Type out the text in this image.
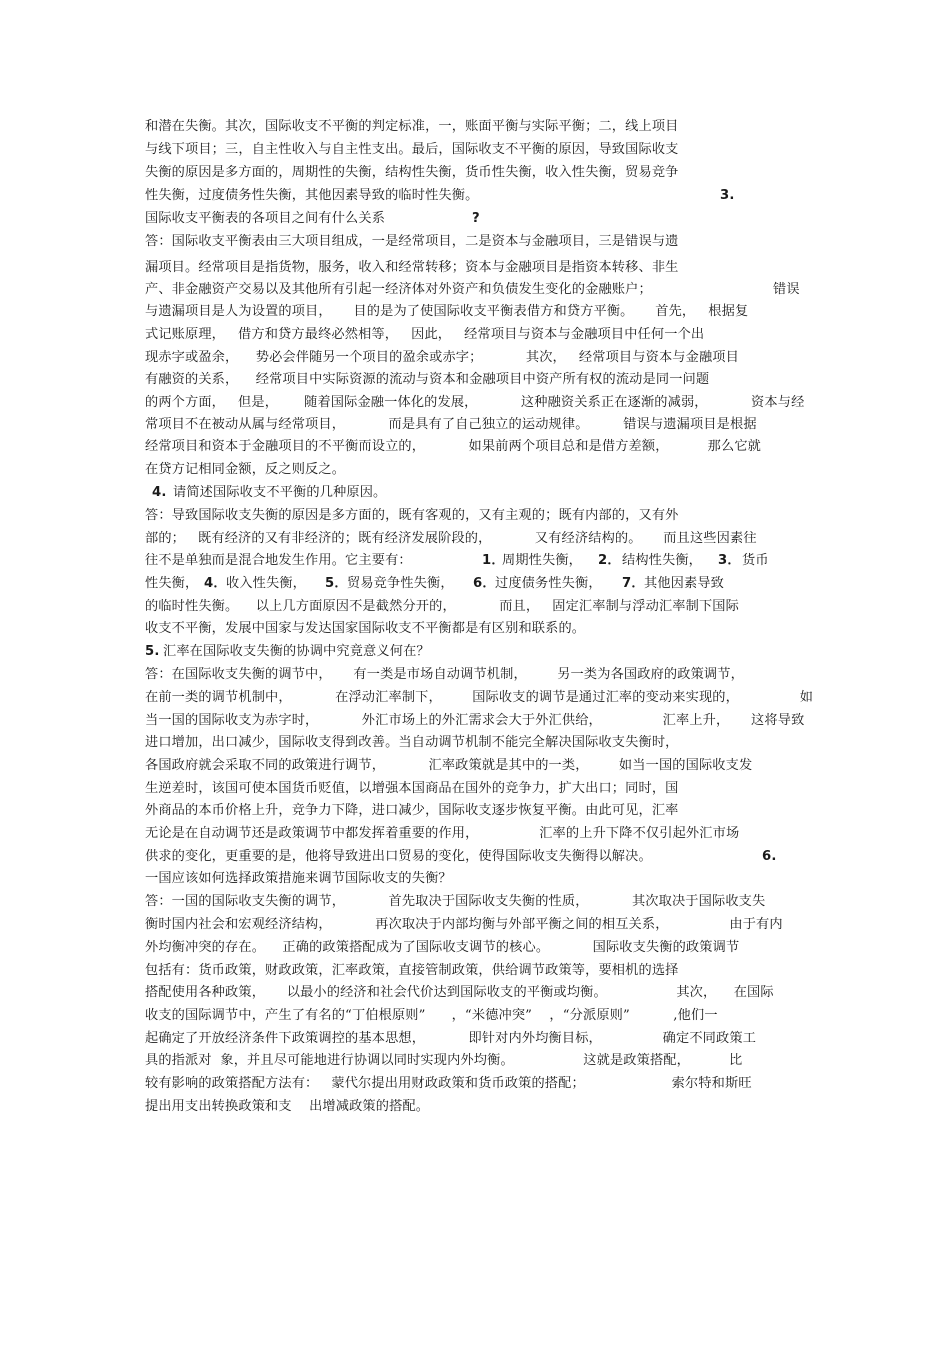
和潜在失衡。其次，国际收支不平衡的判定标准，一，账面平衡与实际平衡；二，线上项目
与线下项目；三，自主性收入与自主性支出。最后，国际收支不平衡的原因，导致国际收支
失衡的原因是多方面的，周期性的失衡，结构性失衡，货币性失衡，收入性失衡，贸易竞争
性失衡，过度债务性失衡，其他因素导致的临时性失衡。	3.
国际收支平衡表的各项目之间有什么关系	?
答：国际收支平衡表由三大项目组成，一是经常项目，二是资本与金融项目，三是错误与遗
漏项目。经常项目是指货物，服务，收入和经常转移；资本与金融项目是指资本转移、非生
产、非金融资产交易以及其他所有引起一经济体对外资产和负债发生变化的金融账户；	错误
与遗漏项目是人为设置的项目，     目的是为了使国际收支平衡表借方和贷方平衡。     首先，   根据复
式记账原理，   借方和贷方最终必然相等，   因此，   经常项目与资本与金融项目中任何一个出
现赤字或盈余，    势必会伴随另一个项目的盈余或赤字；          其次，   经常项目与资本与金融项目
有融资的关系，    经常项目中实际资源的流动与资本和金融项目中资产所有权的流动是同一问题
的两个方面，   但是，      随着国际金融一体化的发展，          这种融资关系正在逐渐的减弱，          资本与经
常项目不在被动从属与经常项目，          而是具有了自己独立的运动规律。        错误与遗漏项目是根据
经常项目和资本于金融项目的不平衡而设立的，          如果前两个项目总和是借方差额，         那么它就
在贷方记相同金额，反之则反之。
4. 请简述国际收支不平衡的几种原因。
答：导致国际收支失衡的原因是多方面的，既有客观的，又有主观的；既有内部的，又有外
部的；   既有经济的又有非经济的；既有经济发展阶段的，          又有经济结构的。     而且这些因素往
往不是单独而是混合地发生作用。它主要有：	1．
周期性失衡， 2． 结构性失衡， 3． 货币
性失衡， 4． 收入性失衡， 5． 贸易竞争性失衡， 6． 过度债务性失衡， 7． 其他因素导致
的临时性失衡。    以上几方面原因不是截然分开的，          而且，   固定汇率制与浮动汇率制下国际
收支不平衡，发展中国家与发达国家国际收支不平衡都是有区别和联系的。
5. 汇率在国际收支失衡的协调中究竟意义何在？
答：在国际收支失衡的调节中，     有一类是市场自动调节机制，       另一类为各国政府的政策调节，
在前一类的调节机制中，          在浮动汇率制下，       国际收支的调节是通过汇率的变动来实现的，              如
当一国的国际收支为赤字时，          外汇市场上的外汇需求会大于外汇供给，              汇率上升，     这将导致
进口增加，出口减少，国际收支得到改善。当自动调节机制不能完全解决国际收支失衡时，
各国政府就会采取不同的政策进行调节，          汇率政策就是其中的一类，       如当一国的国际收支发
生逆差时，该国可使本国货币贬值，以增强本国商品在国外的竞争力，扩大出口；同时，国
外商品的本币价格上升，竞争力下降，进口减少，国际收支逐步恢复平衡。由此可见，汇率
无论是在自动调节还是政策调节中都发挥着重要的作用，              汇率的上升下降不仅引起外汇市场
供求的变化，更重要的是，他将导致进出口贸易的变化，使得国际收支失衡得以解决。	6.
一国应该如何选择政策措施来调节国际收支的失衡？
答：一国的国际收支失衡的调节，          首先取决于国际收支失衡的性质，          其次取决于国际收支失
衡时国内社会和宏观经济结构，          再次取决于内部均衡与外部平衡之间的相互关系，              由于有内
外均衡冲突的存在。    正确的政策搭配成为了国际收支调节的核心。          国际收支失衡的政策调节
包括有：货币政策，财政政策，汇率政策，直接管制政策，供给调节政策等，要相机的选择
搭配使用各种政策，     以最小的经济和社会代价达到国际收支的平衡或均衡。                其次，    在国际
收支的国际调节中，产生了有名的“丁伯根原则”      ，“米德冲突”    ，“分派原则”          ,他们一
起确定了开放经济条件下政策调控的基本思想，          即针对内外均衡目标，              确定不同政策工
具的指派对  象，并且尽可能地进行协调以同时实现内外均衡。                这就是政策搭配，         比
较有影响的政策搭配方法有：   蒙代尔提出用财政政策和货币政策的搭配；                    索尔特和斯旺
提出用支出转换政策和支    出增减政策的搭配。
